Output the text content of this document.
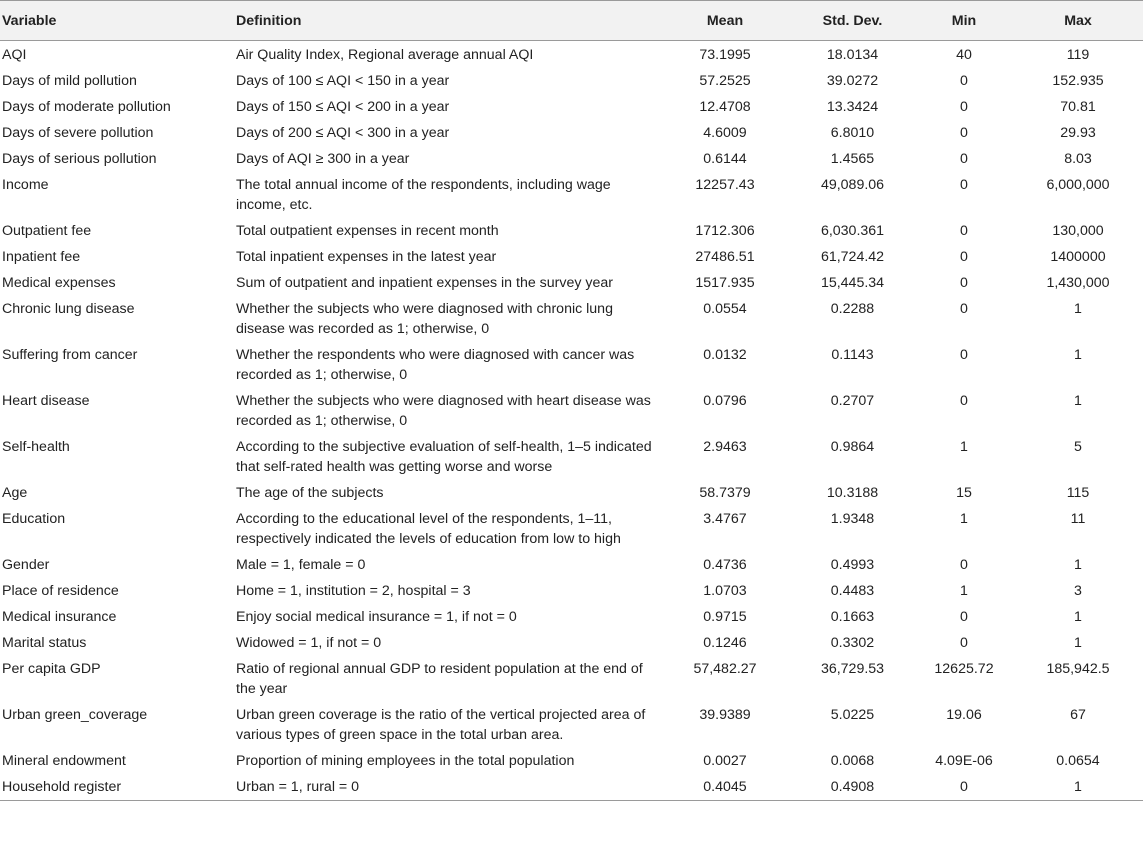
Variable	Definition	Mean	Std. Dev.	Min	Max
AQI	Air Quality Index, Regional average annual AQI	73.1995	18.0134	40	119
Days of mild pollution	Days of 100 ≤ AQI < 150 in a year	57.2525	39.0272	0	152.935
Days of moderate pollution	Days of 150 ≤ AQI < 200 in a year	12.4708	13.3424	0	70.81
Days of severe pollution	Days of 200 ≤ AQI < 300 in a year	4.6009	6.8010	0	29.93
Days of serious pollution	Days of AQI ≥ 300 in a year	0.6144	1.4565	0	8.03
Income	The total annual income of the respondents, including wage income, etc.	12257.43	49,089.06	0	6,000,000
Outpatient fee	Total outpatient expenses in recent month	1712.306	6,030.361	0	130,000
Inpatient fee	Total inpatient expenses in the latest year	27486.51	61,724.42	0	1400000
Medical expenses	Sum of outpatient and inpatient expenses in the survey year	1517.935	15,445.34	0	1,430,000
Chronic lung disease	Whether the subjects who were diagnosed with chronic lung disease was recorded as 1; otherwise, 0	0.0554	0.2288	0	1
Suffering from cancer	Whether the respondents who were diagnosed with cancer was recorded as 1; otherwise, 0	0.0132	0.1143	0	1
Heart disease	Whether the subjects who were diagnosed with heart disease was recorded as 1; otherwise, 0	0.0796	0.2707	0	1
Self-health	According to the subjective evaluation of self-health, 1–5 indicated that self-rated health was getting worse and worse	2.9463	0.9864	1	5
Age	The age of the subjects	58.7379	10.3188	15	115
Education	According to the educational level of the respondents, 1–11, respectively indicated the levels of education from low to high	3.4767	1.9348	1	11
Gender	Male = 1, female = 0	0.4736	0.4993	0	1
Place of residence	Home = 1, institution = 2, hospital = 3	1.0703	0.4483	1	3
Medical insurance	Enjoy social medical insurance = 1, if not = 0	0.9715	0.1663	0	1
Marital status	Widowed = 1, if not = 0	0.1246	0.3302	0	1
Per capita GDP	Ratio of regional annual GDP to resident population at the end of the year	57,482.27	36,729.53	12625.72	185,942.5
Urban green_coverage	Urban green coverage is the ratio of the vertical projected area of various types of green space in the total urban area.	39.9389	5.0225	19.06	67
Mineral endowment	Proportion of mining employees in the total population	0.0027	0.0068	4.09E-06	0.0654
Household register	Urban = 1, rural = 0	0.4045	0.4908	0	1
